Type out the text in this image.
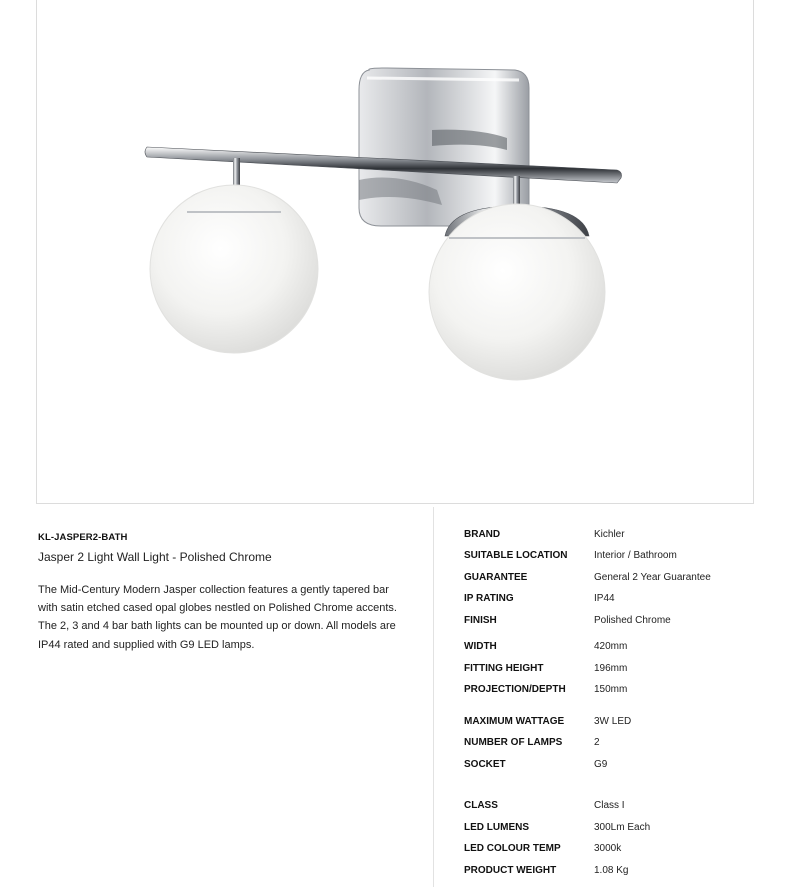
KL-JASPER2-BATH

Jasper 2 Light Wall Light - Polished Chrome

The Mid-Century Modern Jasper collection features a gently tapered bar with satin etched cased opal globes nestled on Polished Chrome accents. The 2, 3 and 4 bar bath lights can be mounted up or down. All models are IP44 rated and supplied with G9 LED lamps.

BRAND	Kichler
SUITABLE LOCATION	Interior / Bathroom
GUARANTEE	General 2 Year Guarantee
IP RATING	IP44
FINISH	Polished Chrome
WIDTH	420mm
FITTING HEIGHT	196mm
PROJECTION/DEPTH	150mm
MAXIMUM WATTAGE	3W LED
NUMBER OF LAMPS	2
SOCKET	G9
CLASS	Class I
LED LUMENS	300Lm Each
LED COLOUR TEMP	3000k
PRODUCT WEIGHT	1.08 Kg
